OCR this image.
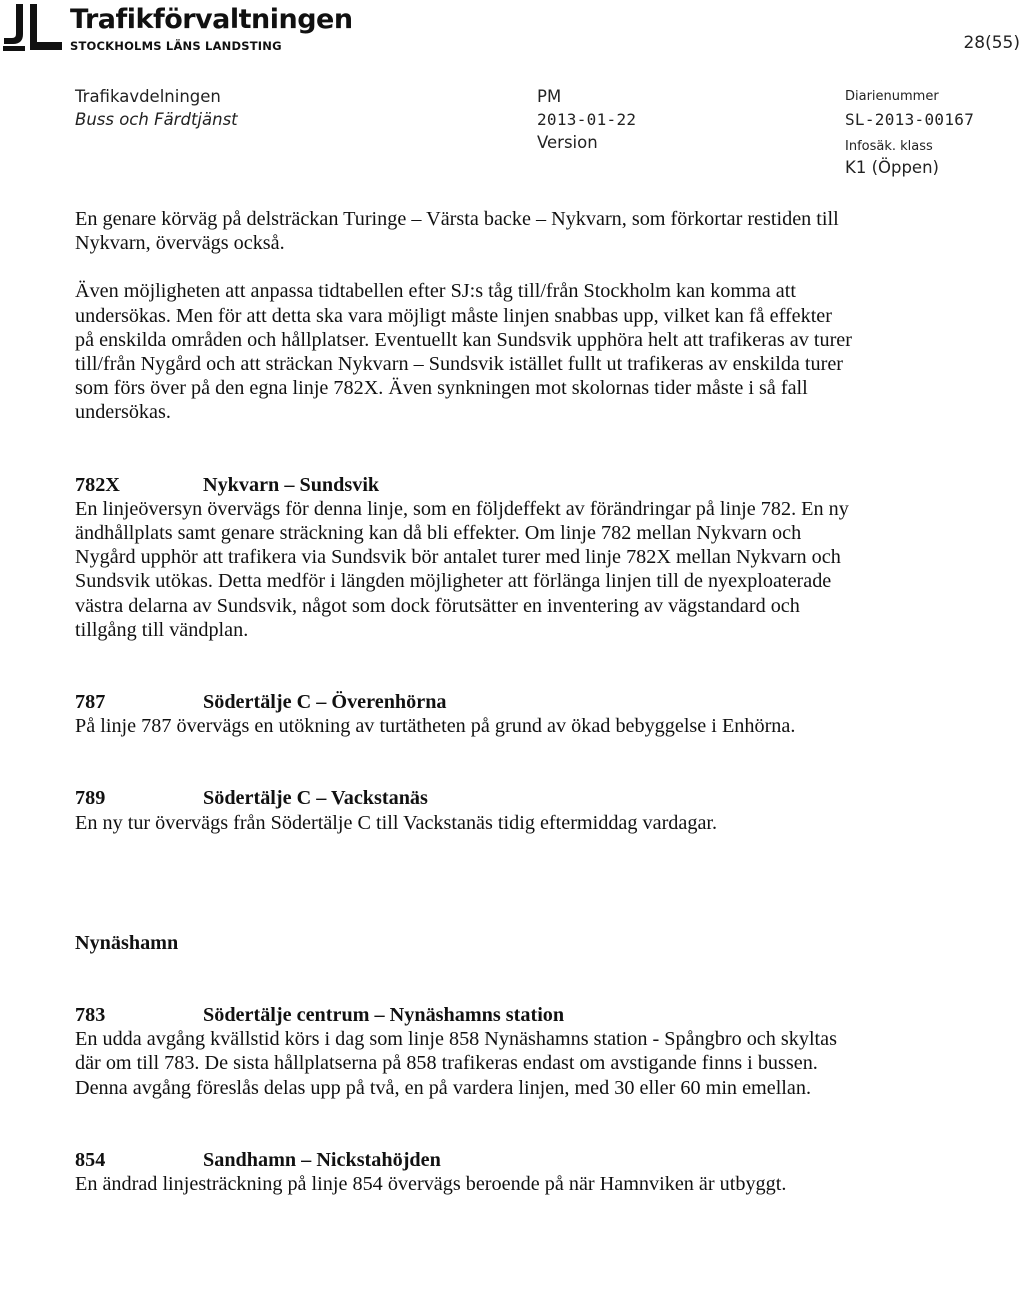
Trafikförvaltningen
STOCKHOLMS LÄNS LANDSTING	28(55)
Trafikavdelningen
Buss och Färdtjänst
PM
2013-01-22
Version
Diarienummer
SL-2013-00167
Infosäk. klass
K1 (Öppen)

En genare körväg på delsträckan Turinge – Värsta backe – Nykvarn, som förkortar restiden till Nykvarn, övervägs också.

Även möjligheten att anpassa tidtabellen efter SJ:s tåg till/från Stockholm kan komma att undersökas. Men för att detta ska vara möjligt måste linjen snabbas upp, vilket kan få effekter på enskilda områden och hållplatser. Eventuellt kan Sundsvik upphöra helt att trafikeras av turer till/från Nygård och att sträckan Nykvarn – Sundsvik istället fullt ut trafikeras av enskilda turer som förs över på den egna linje 782X. Även synkningen mot skolornas tider måste i så fall undersökas.

782X	Nykvarn – Sundsvik

En linjeöversyn övervägs för denna linje, som en följdeffekt av förändringar på linje 782. En ny ändhållplats samt genare sträckning kan då bli effekter. Om linje 782 mellan Nykvarn och Nygård upphör att trafikera via Sundsvik bör antalet turer med linje 782X mellan Nykvarn och Sundsvik utökas. Detta medför i längden möjligheter att förlänga linjen till de nyexploaterade västra delarna av Sundsvik, något som dock förutsätter en inventering av vägstandard och tillgång till vändplan.

787	Södertälje C – Överenhörna

På linje 787 övervägs en utökning av turtätheten på grund av ökad bebyggelse i Enhörna.

789	Södertälje C – Vackstanäs

En ny tur övervägs från Södertälje C till Vackstanäs tidig eftermiddag vardagar.

Nynäshamn
783	Södertälje centrum – Nynäshamns station

En udda avgång kvällstid körs i dag som linje 858 Nynäshamns station - Spångbro och skyltas där om till 783. De sista hållplatserna på 858 trafikeras endast om avstigande finns i bussen. Denna avgång föreslås delas upp på två, en på vardera linjen, med 30 eller 60 min emellan.

854	Sandhamn – Nickstahöjden

En ändrad linjesträckning på linje 854 övervägs beroende på när Hamnviken är utbyggt.
